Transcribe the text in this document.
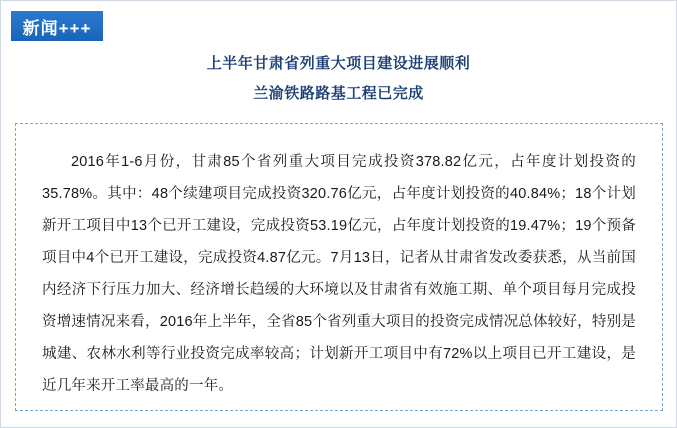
新闻+++
上半年甘肃省列重大项目建设进展顺利
兰渝铁路路基工程已完成
2016年1-6月份，甘肃85个省列重大项目完成投资378.82亿元，占年度计划投资的35.78%。其中：48个续建项目完成投资320.76亿元，占年度计划投资的40.84%；18个计划新开工项目中13个已开工建设，完成投资53.19亿元，占年度计划投资的19.47%；19个预备项目中4个已开工建设，完成投资4.87亿元。7月13日，记者从甘肃省发改委获悉，从当前国内经济下行压力加大、经济增长趋缓的大环境以及甘肃省有效施工期、单个项目每月完成投资增速情况来看，2016年上半年，全省85个省列重大项目的投资完成情况总体较好，特别是城建、农林水利等行业投资完成率较高；计划新开工项目中有72%以上项目已开工建设，是近几年来开工率最高的一年。
